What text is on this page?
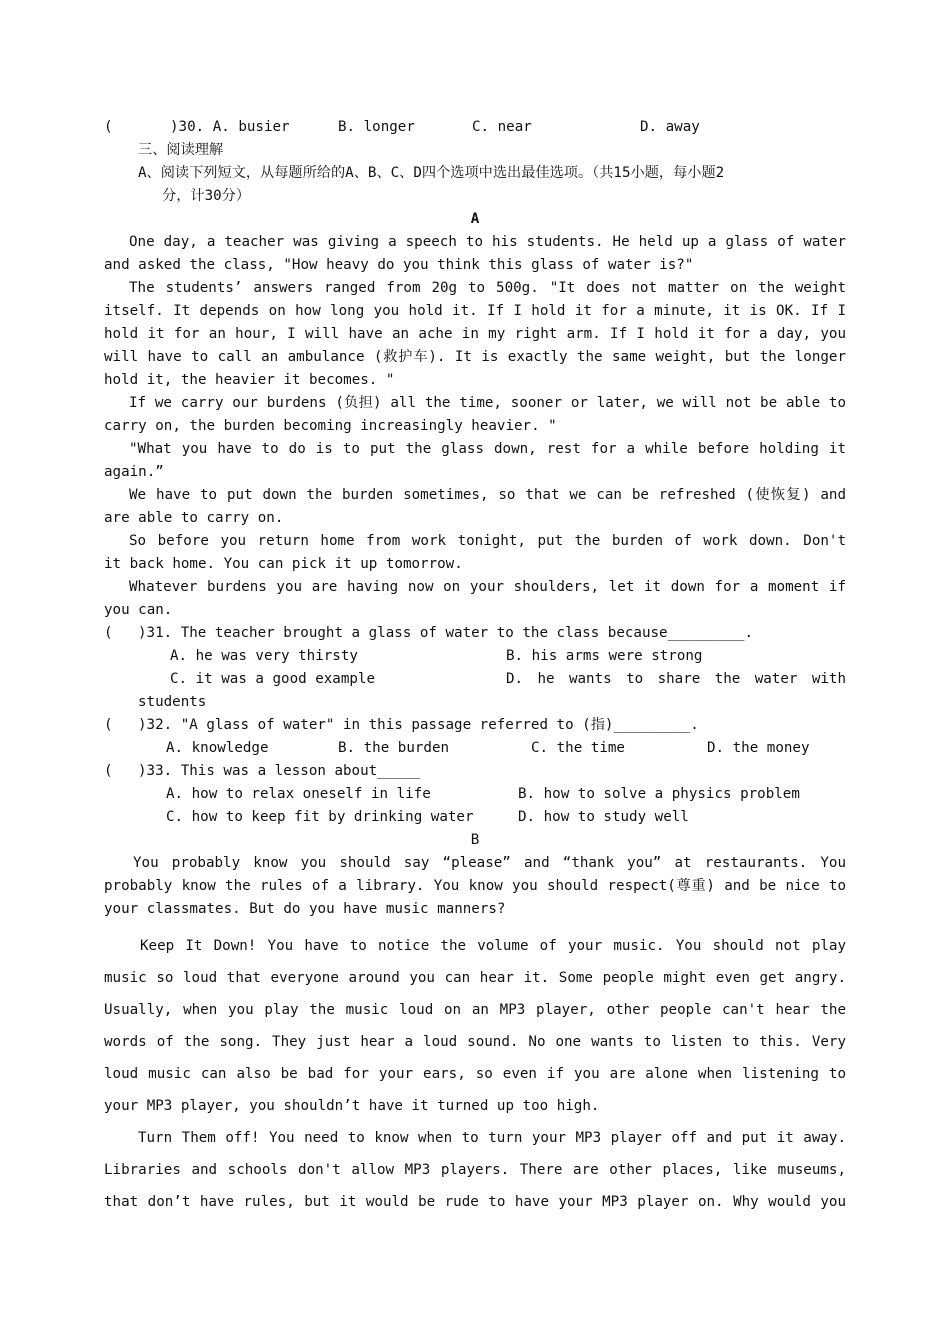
(	)30. A. busier	B. longer	C. near	D. away
三、阅读理解
A、阅读下列短文，从每题所给的A、B、C、D四个选项中选出最佳选项。（共15小题，每小题2
分，计30分）
A
One day, a teacher was giving a speech to his students. He held up a glass of water
and asked the class, "How heavy do you think this glass of water is?"
The students’ answers ranged from 20g to 500g. "It does not matter on the weight
itself. It depends on how long you hold it. If I hold it for a minute, it is OK. If I
hold it for an hour, I will have an ache in my right arm. If I hold it for a day, you
will have to call an ambulance (救护车). It is exactly the same weight, but the longer
hold it, the heavier it becomes. "
If we carry our burdens (负担) all the time, sooner or later, we will not be able to
carry on, the burden becoming increasingly heavier. "
"What you have to do is to put the glass down, rest for a while before holding it
again.”
We have to put down the burden sometimes, so that we can be refreshed (使恢复) and
are able to carry on.
So before you return home from work tonight, put the burden of work down. Don't
it back home. You can pick it up tomorrow.
Whatever burdens you are having now on your shoulders, let it down for a moment if
you can.
( )31. The teacher brought a glass of water to the class because_________.
A. he was very thirsty	B. his arms were strong
C. it was a good example	D. he wants to share the water with
students
( )32. "A glass of water" in this passage referred to (指)_________.
A. knowledge	B. the burden	C. the time	D. the money
( )33. This was a lesson about_____
A. how to relax oneself in life	B. how to solve a physics problem
C. how to keep fit by drinking water	D. how to study well
B
You probably know you should say “please” and “thank you” at restaurants. You
probably know the rules of a library. You know you should respect(尊重) and be nice to
your classmates. But do you have music manners?
Keep It Down! You have to notice the volume of your music. You should not play
music so loud that everyone around you can hear it. Some people might even get angry.
Usually, when you play the music loud on an MP3 player, other people can't hear the
words of the song. They just hear a loud sound. No one wants to listen to this. Very
loud music can also be bad for your ears, so even if you are alone when listening to
your MP3 player, you shouldn’t have it turned up too high.
Turn Them off! You need to know when to turn your MP3 player off and put it away.
Libraries and schools don't allow MP3 players. There are other places, like museums,
that don’t have rules, but it would be rude to have your MP3 player on. Why would you
